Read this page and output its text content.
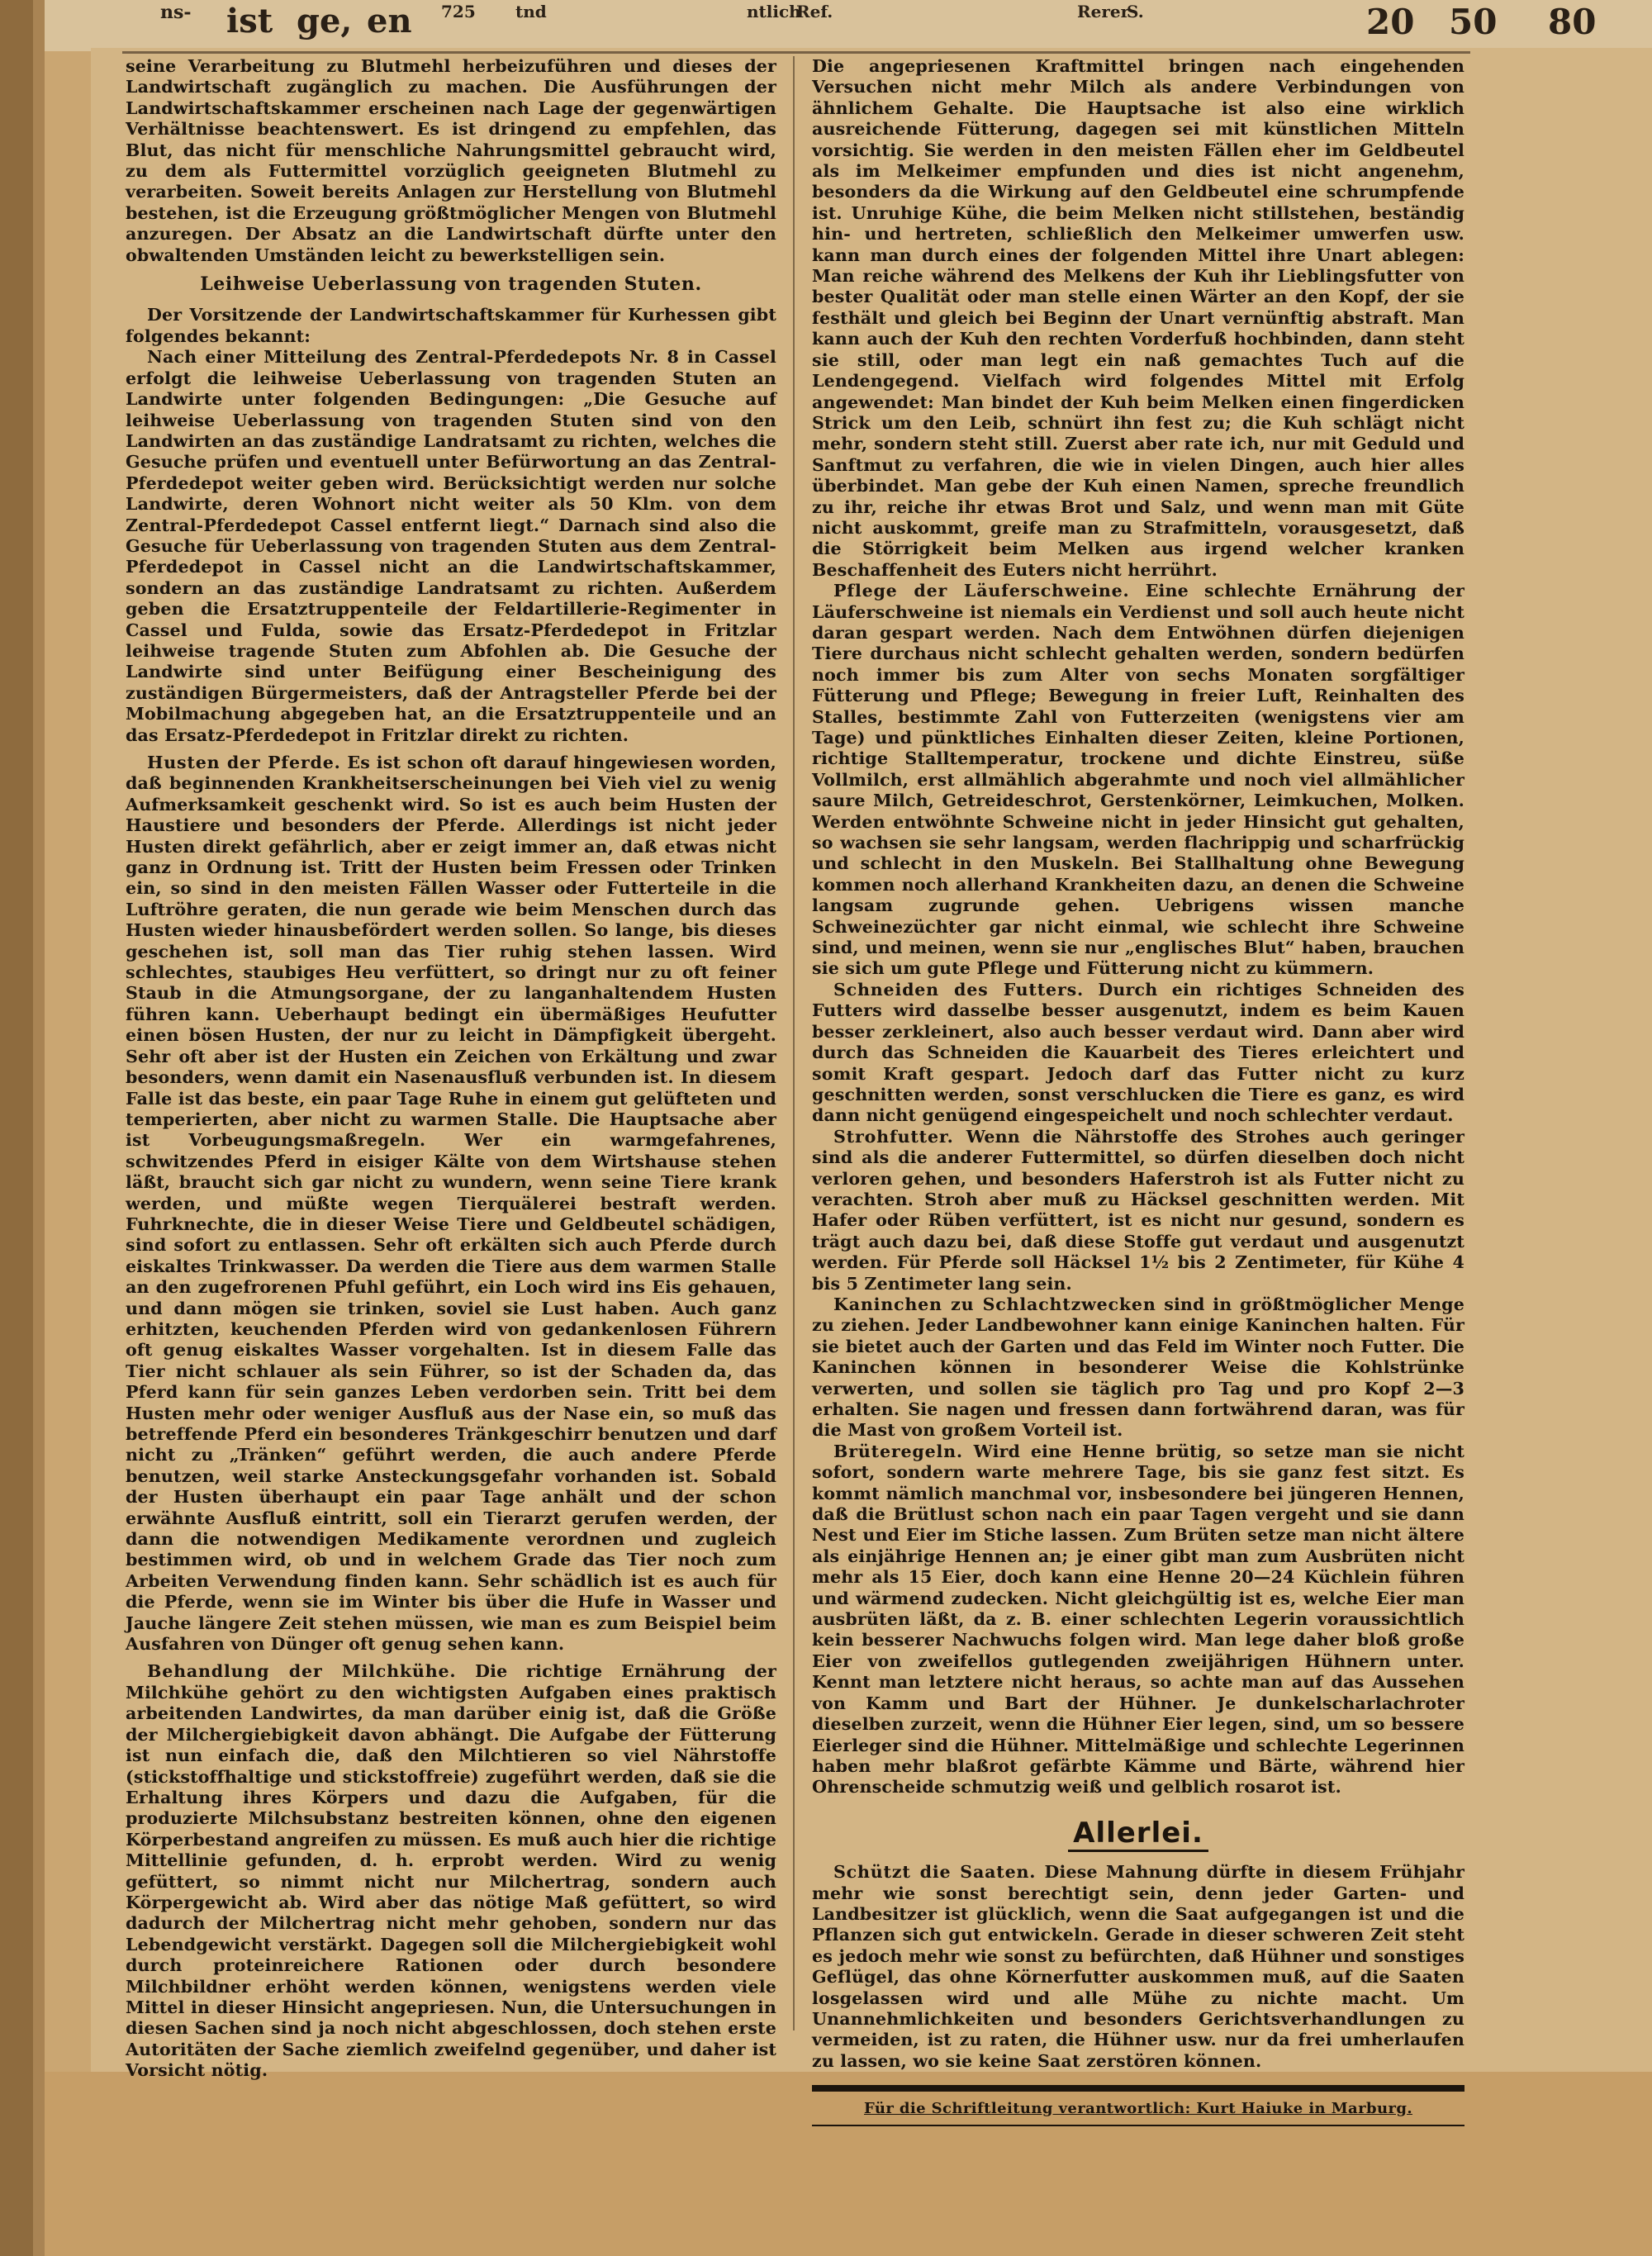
ns- ist ge, en 725 tnd	ntlich
Ref.	Rerer
S.	20 50 80

seine Verarbeitung zu Blutmehl herbeizuführen und dieses der Landwirtschaft zugänglich zu machen. Die Ausführungen der Landwirtschaftskammer erscheinen nach Lage der gegenwärtigen Verhältnisse beachtenswert. Es ist dringend zu empfehlen, das Blut, das nicht für menschliche Nahrungsmittel gebraucht wird, zu dem als Futtermittel vorzüglich geeigneten Blutmehl zu verarbeiten. Soweit bereits Anlagen zur Herstellung von Blutmehl bestehen, ist die Erzeugung größtmöglicher Mengen von Blutmehl anzuregen. Der Absatz an die Landwirtschaft dürfte unter den obwaltenden Umständen leicht zu bewerkstelligen sein.

Leihweise Ueberlassung von tragenden Stuten.

Der Vorsitzende der Landwirtschaftskammer für Kurhessen gibt folgendes bekannt:

Nach einer Mitteilung des Zentral-Pferdedepots Nr. 8 in Cassel erfolgt die leihweise Ueberlassung von tragenden Stuten an Landwirte unter folgenden Bedingungen: „Die Gesuche auf leihweise Ueberlassung von tragenden Stuten sind von den Landwirten an das zuständige Landratsamt zu richten, welches die Gesuche prüfen und eventuell unter Befürwortung an das Zentral-Pferdedepot weiter geben wird. Berücksichtigt werden nur solche Landwirte, deren Wohnort nicht weiter als 50 Klm. von dem Zentral-Pferdedepot Cassel entfernt liegt.“ Darnach sind also die Gesuche für Ueberlassung von tragenden Stuten aus dem Zentral-Pferdedepot in Cassel nicht an die Landwirtschaftskammer, sondern an das zuständige Landratsamt zu richten. Außerdem geben die Ersatztruppenteile der Feldartillerie-Regimenter in Cassel und Fulda, sowie das Ersatz-Pferdedepot in Fritzlar leihweise tragende Stuten zum Abfohlen ab. Die Gesuche der Landwirte sind unter Beifügung einer Bescheinigung des zuständigen Bürgermeisters, daß der Antragsteller Pferde bei der Mobilmachung abgegeben hat, an die Ersatztruppenteile und an das Ersatz-Pferdedepot in Fritzlar direkt zu richten.

Husten der Pferde. Es ist schon oft darauf hingewiesen worden, daß beginnenden Krankheitserscheinungen bei Vieh viel zu wenig Aufmerksamkeit geschenkt wird. So ist es auch beim Husten der Haustiere und besonders der Pferde. Allerdings ist nicht jeder Husten direkt gefährlich, aber er zeigt immer an, daß etwas nicht ganz in Ordnung ist. Tritt der Husten beim Fressen oder Trinken ein, so sind in den meisten Fällen Wasser oder Futterteile in die Luftröhre geraten, die nun gerade wie beim Menschen durch das Husten wieder hinausbefördert werden sollen. So lange, bis dieses geschehen ist, soll man das Tier ruhig stehen lassen. Wird schlechtes, staubiges Heu verfüttert, so dringt nur zu oft feiner Staub in die Atmungsorgane, der zu langanhaltendem Husten führen kann. Ueberhaupt bedingt ein übermäßiges Heufutter einen bösen Husten, der nur zu leicht in Dämpfigkeit übergeht. Sehr oft aber ist der Husten ein Zeichen von Erkältung und zwar besonders, wenn damit ein Nasenausfluß verbunden ist. In diesem Falle ist das beste, ein paar Tage Ruhe in einem gut gelüfteten und temperierten, aber nicht zu warmen Stalle. Die Hauptsache aber ist Vorbeugungsmaßregeln. Wer ein warmgefahrenes, schwitzendes Pferd in eisiger Kälte von dem Wirtshause stehen läßt, braucht sich gar nicht zu wundern, wenn seine Tiere krank werden, und müßte wegen Tierquälerei bestraft werden. Fuhrknechte, die in dieser Weise Tiere und Geldbeutel schädigen, sind sofort zu entlassen. Sehr oft erkälten sich auch Pferde durch eiskaltes Trinkwasser. Da werden die Tiere aus dem warmen Stalle an den zugefrorenen Pfuhl geführt, ein Loch wird ins Eis gehauen, und dann mögen sie trinken, soviel sie Lust haben. Auch ganz erhitzten, keuchenden Pferden wird von gedankenlosen Führern oft genug eiskaltes Wasser vorgehalten. Ist in diesem Falle das Tier nicht schlauer als sein Führer, so ist der Schaden da, das Pferd kann für sein ganzes Leben verdorben sein. Tritt bei dem Husten mehr oder weniger Ausfluß aus der Nase ein, so muß das betreffende Pferd ein besonderes Tränkgeschirr benutzen und darf nicht zu „Tränken“ geführt werden, die auch andere Pferde benutzen, weil starke Ansteckungsgefahr vorhanden ist. Sobald der Husten überhaupt ein paar Tage anhält und der schon erwähnte Ausfluß eintritt, soll ein Tierarzt gerufen werden, der dann die notwendigen Medikamente verordnen und zugleich bestimmen wird, ob und in welchem Grade das Tier noch zum Arbeiten Verwendung finden kann. Sehr schädlich ist es auch für die Pferde, wenn sie im Winter bis über die Hufe in Wasser und Jauche längere Zeit stehen müssen, wie man es zum Beispiel beim Ausfahren von Dünger oft genug sehen kann.

Behandlung der Milchkühe. Die richtige Ernährung der Milchkühe gehört zu den wichtigsten Aufgaben eines praktisch arbeitenden Landwirtes, da man darüber einig ist, daß die Größe der Milchergiebigkeit davon abhängt. Die Aufgabe der Fütterung ist nun einfach die, daß den Milchtieren so viel Nährstoffe (stickstoffhaltige und stickstoffreie) zugeführt werden, daß sie die Erhaltung ihres Körpers und dazu die Aufgaben, für die produzierte Milchsubstanz bestreiten können, ohne den eigenen Körperbestand angreifen zu müssen. Es muß auch hier die richtige Mittellinie gefunden, d. h. erprobt werden. Wird zu wenig gefüttert, so nimmt nicht nur Milchertrag, sondern auch Körpergewicht ab. Wird aber das nötige Maß gefüttert, so wird dadurch der Milchertrag nicht mehr gehoben, sondern nur das Lebendgewicht verstärkt. Dagegen soll die Milchergiebigkeit wohl durch proteinreichere Rationen oder durch besondere Milchbildner erhöht werden können, wenigstens werden viele Mittel in dieser Hinsicht angepriesen. Nun, die Untersuchungen in diesen Sachen sind ja noch nicht abgeschlossen, doch stehen erste Autoritäten der Sache ziemlich zweifelnd gegenüber, und daher ist Vorsicht nötig.

Die angepriesenen Kraftmittel bringen nach eingehenden Versuchen nicht mehr Milch als andere Verbindungen von ähnlichem Gehalte. Die Hauptsache ist also eine wirklich ausreichende Fütterung, dagegen sei mit künstlichen Mitteln vorsichtig. Sie werden in den meisten Fällen eher im Geldbeutel als im Melkeimer empfunden und dies ist nicht angenehm, besonders da die Wirkung auf den Geldbeutel eine schrumpfende ist. Unruhige Kühe, die beim Melken nicht stillstehen, beständig hin- und hertreten, schließlich den Melkeimer umwerfen usw. kann man durch eines der folgenden Mittel ihre Unart ablegen: Man reiche während des Melkens der Kuh ihr Lieblingsfutter von bester Qualität oder man stelle einen Wärter an den Kopf, der sie festhält und gleich bei Beginn der Unart vernünftig abstraft. Man kann auch der Kuh den rechten Vorderfuß hochbinden, dann steht sie still, oder man legt ein naß gemachtes Tuch auf die Lendengegend. Vielfach wird folgendes Mittel mit Erfolg angewendet: Man bindet der Kuh beim Melken einen fingerdicken Strick um den Leib, schnürt ihn fest zu; die Kuh schlägt nicht mehr, sondern steht still. Zuerst aber rate ich, nur mit Geduld und Sanftmut zu verfahren, die wie in vielen Dingen, auch hier alles überbindet. Man gebe der Kuh einen Namen, spreche freundlich zu ihr, reiche ihr etwas Brot und Salz, und wenn man mit Güte nicht auskommt, greife man zu Strafmitteln, vorausgesetzt, daß die Störrigkeit beim Melken aus irgend welcher kranken Beschaffenheit des Euters nicht herrührt.

Pflege der Läuferschweine. Eine schlechte Ernährung der Läuferschweine ist niemals ein Verdienst und soll auch heute nicht daran gespart werden. Nach dem Entwöhnen dürfen diejenigen Tiere durchaus nicht schlecht gehalten werden, sondern bedürfen noch immer bis zum Alter von sechs Monaten sorgfältiger Fütterung und Pflege; Bewegung in freier Luft, Reinhalten des Stalles, bestimmte Zahl von Futterzeiten (wenigstens vier am Tage) und pünktliches Einhalten dieser Zeiten, kleine Portionen, richtige Stalltemperatur, trockene und dichte Einstreu, süße Vollmilch, erst allmählich abgerahmte und noch viel allmählicher saure Milch, Getreideschrot, Gerstenkörner, Leimkuchen, Molken. Werden entwöhnte Schweine nicht in jeder Hinsicht gut gehalten, so wachsen sie sehr langsam, werden flachrippig und scharfrückig und schlecht in den Muskeln. Bei Stallhaltung ohne Bewegung kommen noch allerhand Krankheiten dazu, an denen die Schweine langsam zugrunde gehen. Uebrigens wissen manche Schweinezüchter gar nicht einmal, wie schlecht ihre Schweine sind, und meinen, wenn sie nur „englisches Blut“ haben, brauchen sie sich um gute Pflege und Fütterung nicht zu kümmern.

Schneiden des Futters. Durch ein richtiges Schneiden des Futters wird dasselbe besser ausgenutzt, indem es beim Kauen besser zerkleinert, also auch besser verdaut wird. Dann aber wird durch das Schneiden die Kauarbeit des Tieres erleichtert und somit Kraft gespart. Jedoch darf das Futter nicht zu kurz geschnitten werden, sonst verschlucken die Tiere es ganz, es wird dann nicht genügend eingespeichelt und noch schlechter verdaut.

Strohfutter. Wenn die Nährstoffe des Strohes auch geringer sind als die anderer Futtermittel, so dürfen dieselben doch nicht verloren gehen, und besonders Haferstroh ist als Futter nicht zu verachten. Stroh aber muß zu Häcksel geschnitten werden. Mit Hafer oder Rüben verfüttert, ist es nicht nur gesund, sondern es trägt auch dazu bei, daß diese Stoffe gut verdaut und ausgenutzt werden. Für Pferde soll Häcksel 1½ bis 2 Zentimeter, für Kühe 4 bis 5 Zentimeter lang sein.

Kaninchen zu Schlachtzwecken sind in größtmöglicher Menge zu ziehen. Jeder Landbewohner kann einige Kaninchen halten. Für sie bietet auch der Garten und das Feld im Winter noch Futter. Die Kaninchen können in besonderer Weise die Kohlstrünke verwerten, und sollen sie täglich pro Tag und pro Kopf 2—3 erhalten. Sie nagen und fressen dann fortwährend daran, was für die Mast von großem Vorteil ist.

Brüteregeln. Wird eine Henne brütig, so setze man sie nicht sofort, sondern warte mehrere Tage, bis sie ganz fest sitzt. Es kommt nämlich manchmal vor, insbesondere bei jüngeren Hennen, daß die Brütlust schon nach ein paar Tagen vergeht und sie dann Nest und Eier im Stiche lassen. Zum Brüten setze man nicht ältere als einjährige Hennen an; je einer gibt man zum Ausbrüten nicht mehr als 15 Eier, doch kann eine Henne 20—24 Küchlein führen und wärmend zudecken. Nicht gleichgültig ist es, welche Eier man ausbrüten läßt, da z. B. einer schlechten Legerin voraussichtlich kein besserer Nachwuchs folgen wird. Man lege daher bloß große Eier von zweifellos gutlegenden zweijährigen Hühnern unter. Kennt man letztere nicht heraus, so achte man auf das Aussehen von Kamm und Bart der Hühner. Je dunkelscharlachroter dieselben zurzeit, wenn die Hühner Eier legen, sind, um so bessere Eierleger sind die Hühner. Mittelmäßige und schlechte Legerinnen haben mehr blaßrot gefärbte Kämme und Bärte, während hier Ohrenscheide schmutzig weiß und gelblich rosarot ist.

Allerlei.

Schützt die Saaten. Diese Mahnung dürfte in diesem Frühjahr mehr wie sonst berechtigt sein, denn jeder Garten- und Landbesitzer ist glücklich, wenn die Saat aufgegangen ist und die Pflanzen sich gut entwickeln. Gerade in dieser schweren Zeit steht es jedoch mehr wie sonst zu befürchten, daß Hühner und sonstiges Geflügel, das ohne Körnerfutter auskommen muß, auf die Saaten losgelassen wird und alle Mühe zu nichte macht. Um Unannehmlichkeiten und besonders Gerichtsverhandlungen zu vermeiden, ist zu raten, die Hühner usw. nur da frei umherlaufen zu lassen, wo sie keine Saat zerstören können.

Für die Schriftleitung verantwortlich: Kurt Haiuke in Marburg.
